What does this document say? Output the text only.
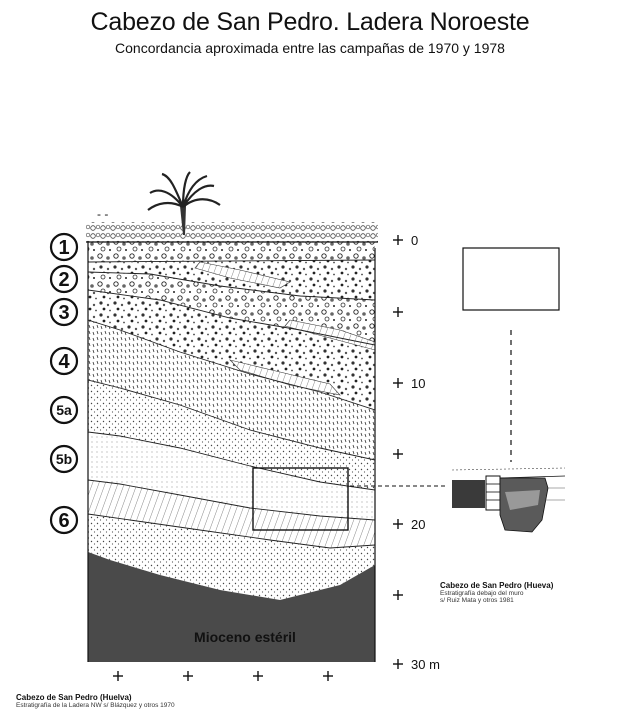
Cabezo de San Pedro. Ladera Noroeste
Concordancia aproximada entre las campañas de 1970 y 1978
1
2
3
4
5a
5b
6
0
10
20
30 m
Mioceno estéril
- -
Cabezo de San Pedro (Hueva)
Estratigrafía debajo del muro
s/ Ruiz Mata y otros 1981
Cabezo de San Pedro (Huelva)
Estratigrafía de la Ladera NW s/ Blázquez y otros 1970
